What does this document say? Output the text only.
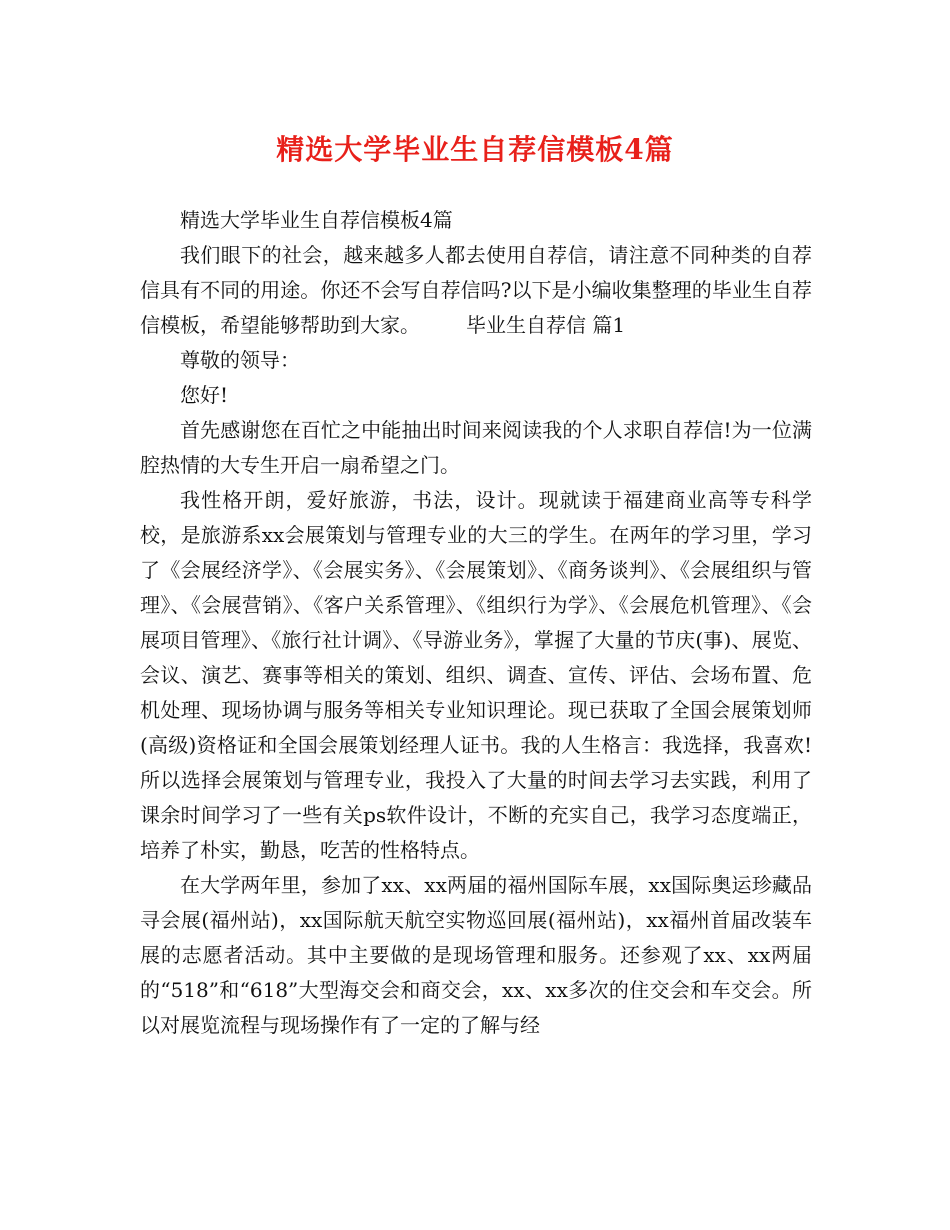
精选大学毕业生自荐信模板4篇

精选大学毕业生自荐信模板4篇

我们眼下的社会，越来越多人都去使用自荐信，请注意不同种类的自荐信具有不同的用途。你还不会写自荐信吗?以下是小编收集整理的毕业生自荐信模板，希望能够帮助到大家。 毕业生自荐信 篇1

尊敬的领导：

您好!

首先感谢您在百忙之中能抽出时间来阅读我的个人求职自荐信!为一位满腔热情的大专生开启一扇希望之门。

我性格开朗，爱好旅游，书法，设计。现就读于福建商业高等专科学校，是旅游系xx会展策划与管理专业的大三的学生。在两年的学习里，学习了《会展经济学》、《会展实务》、《会展策划》、《商务谈判》、《会展组织与管理》、《会展营销》、《客户关系管理》、《组织行为学》、《会展危机管理》、《会展项目管理》、《旅行社计调》、《导游业务》，掌握了大量的节庆(事)、展览、会议、演艺、赛事等相关的策划、组织、调查、宣传、评估、会场布置、危机处理、现场协调与服务等相关专业知识理论。现已获取了全国会展策划师(高级)资格证和全国会展策划经理人证书。我的人生格言：我选择，我喜欢!所以选择会展策划与管理专业，我投入了大量的时间去学习去实践，利用了课余时间学习了一些有关ps软件设计，不断的充实自己，我学习态度端正，培养了朴实，勤恳，吃苦的性格特点。

在大学两年里，参加了xx、xx两届的福州国际车展，xx国际奥运珍藏品寻会展(福州站)，xx国际航天航空实物巡回展(福州站)，xx福州首届改装车展的志愿者活动。其中主要做的是现场管理和服务。还参观了xx、xx两届的“518”和“618”大型海交会和商交会，xx、xx多次的住交会和车交会。所以对展览流程与现场操作有了一定的了解与经
